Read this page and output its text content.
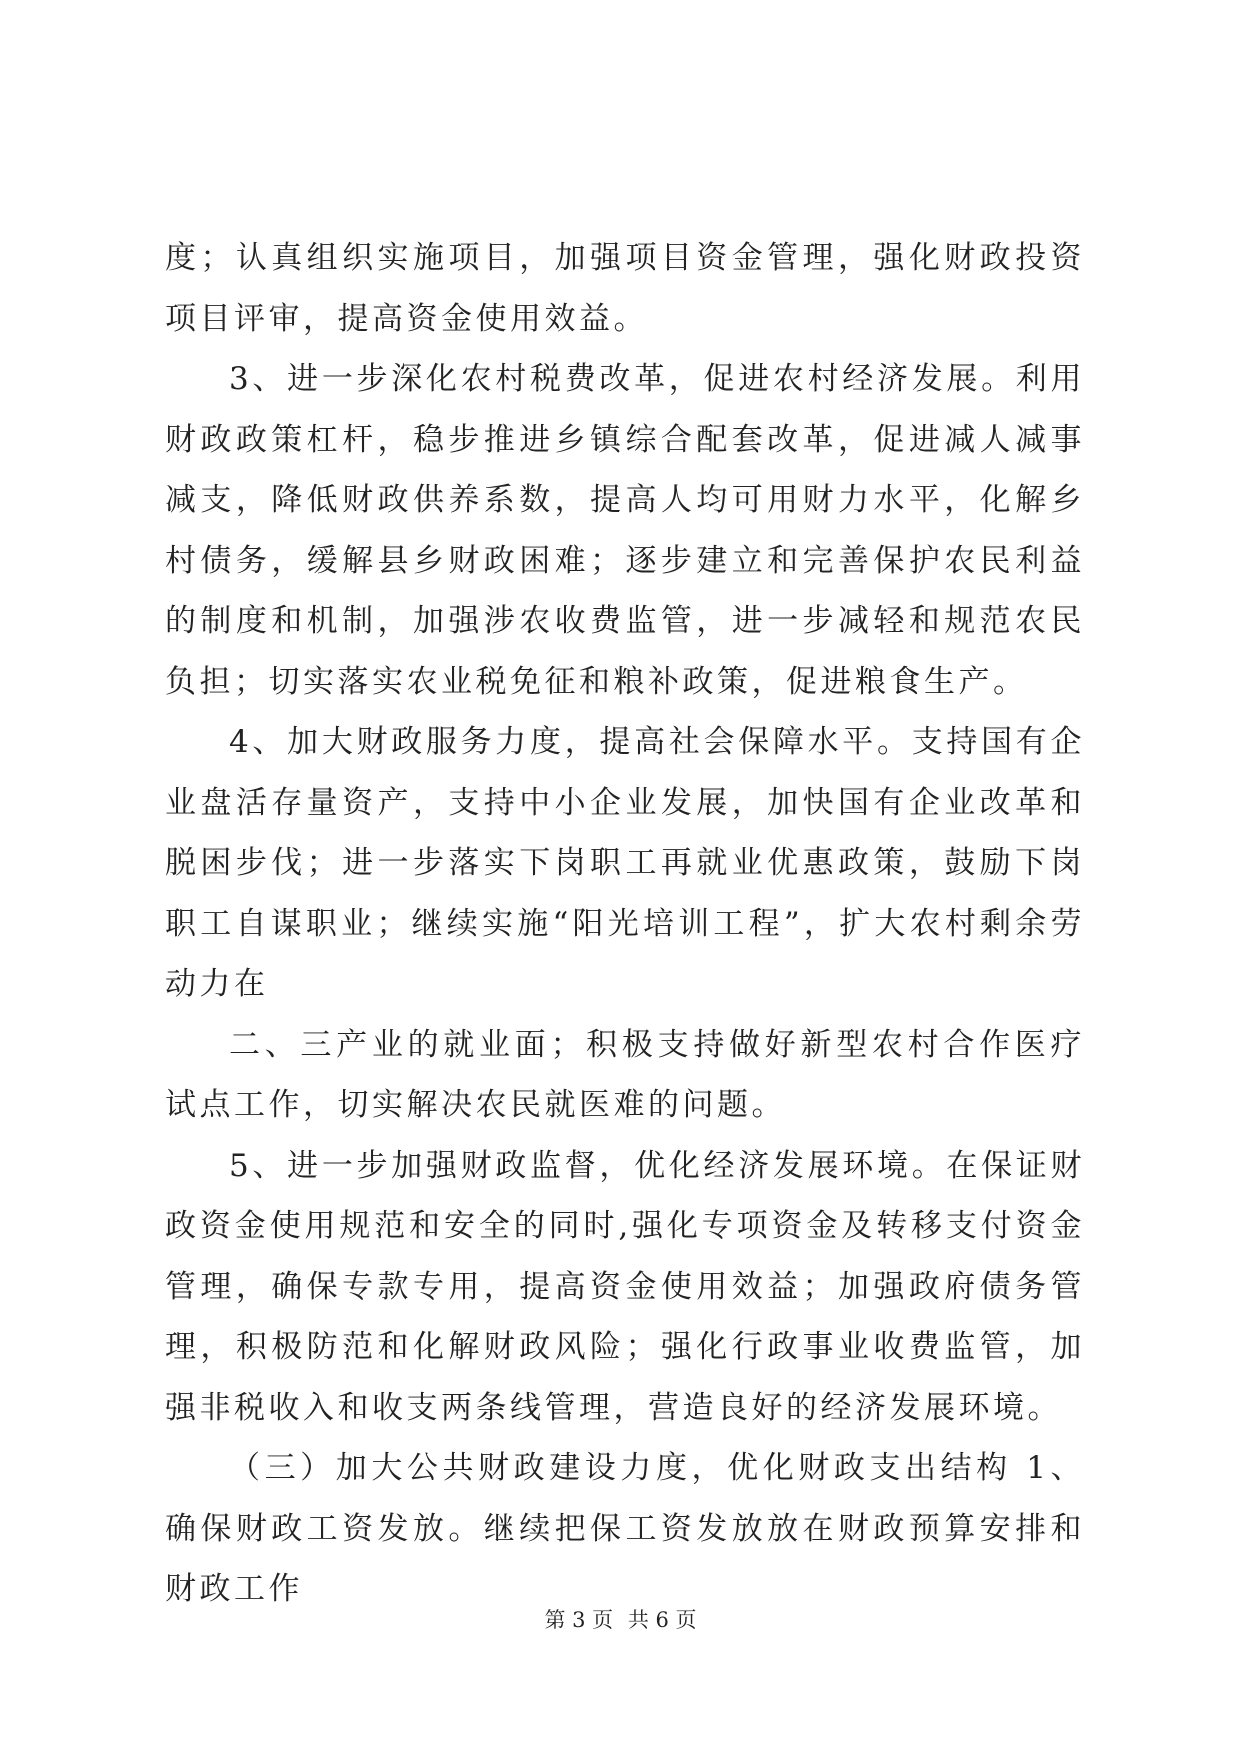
度；认真组织实施项目，加强项目资金管理，强化财政投资项目评审，提高资金使用效益。

3、进一步深化农村税费改革，促进农村经济发展。利用财政政策杠杆，稳步推进乡镇综合配套改革，促进减人减事减支，降低财政供养系数，提高人均可用财力水平，化解乡村债务，缓解县乡财政困难；逐步建立和完善保护农民利益的制度和机制，加强涉农收费监管，进一步减轻和规范农民负担；切实落实农业税免征和粮补政策，促进粮食生产。

4、加大财政服务力度，提高社会保障水平。支持国有企业盘活存量资产，支持中小企业发展，加快国有企业改革和脱困步伐；进一步落实下岗职工再就业优惠政策，鼓励下岗职工自谋职业；继续实施“阳光培训工程”，扩大农村剩余劳动力在

二、三产业的就业面；积极支持做好新型农村合作医疗试点工作，切实解决农民就医难的问题。

5、进一步加强财政监督，优化经济发展环境。在保证财政资金使用规范和安全的同时,强化专项资金及转移支付资金管理，确保专款专用，提高资金使用效益；加强政府债务管理，积极防范和化解财政风险；强化行政事业收费监管，加强非税收入和收支两条线管理，营造良好的经济发展环境。

（三）加大公共财政建设力度，优化财政支出结构 1、确保财政工资发放。继续把保工资发放放在财政预算安排和财政工作

第 3 页 共 6 页
